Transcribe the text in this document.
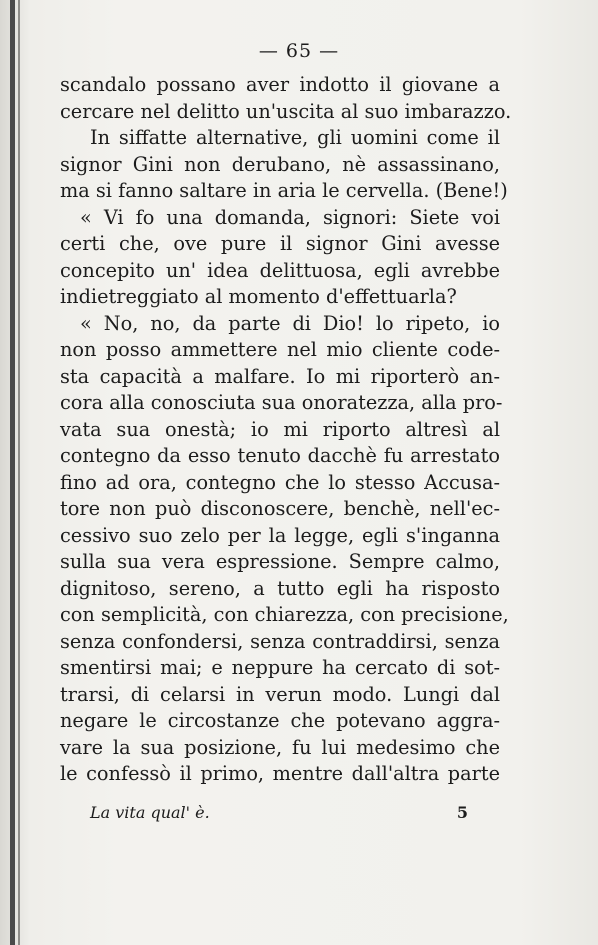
— 65 —
scandalo possano aver indotto il giovane a
cercare nel delitto un'uscita al suo imbarazzo.
In siffatte alternative, gli uomini come il
signor Gini non derubano, nè assassinano,
ma si fanno saltare in aria le cervella. (Bene!)
« Vi fo una domanda, signori: Siete voi
certi che, ove pure il signor Gini avesse
concepito un' idea delittuosa, egli avrebbe
indietreggiato al momento d'effettuarla?
« No, no, da parte di Dio! lo ripeto, io
non posso ammettere nel mio cliente code-
sta capacità a malfare. Io mi riporterò an-
cora alla conosciuta sua onoratezza, alla pro-
vata sua onestà; io mi riporto altresì al
contegno da esso tenuto dacchè fu arrestato
fino ad ora, contegno che lo stesso Accusa-
tore non può disconoscere, benchè, nell'ec-
cessivo suo zelo per la legge, egli s'inganna
sulla sua vera espressione. Sempre calmo,
dignitoso, sereno, a tutto egli ha risposto
con semplicità, con chiarezza, con precisione,
senza confondersi, senza contraddirsi, senza
smentirsi mai; e neppure ha cercato di sot-
trarsi, di celarsi in verun modo. Lungi dal
negare le circostanze che potevano aggra-
vare la sua posizione, fu lui medesimo che
le confessò il primo, mentre dall'altra parte
La vita qual' è.	5
